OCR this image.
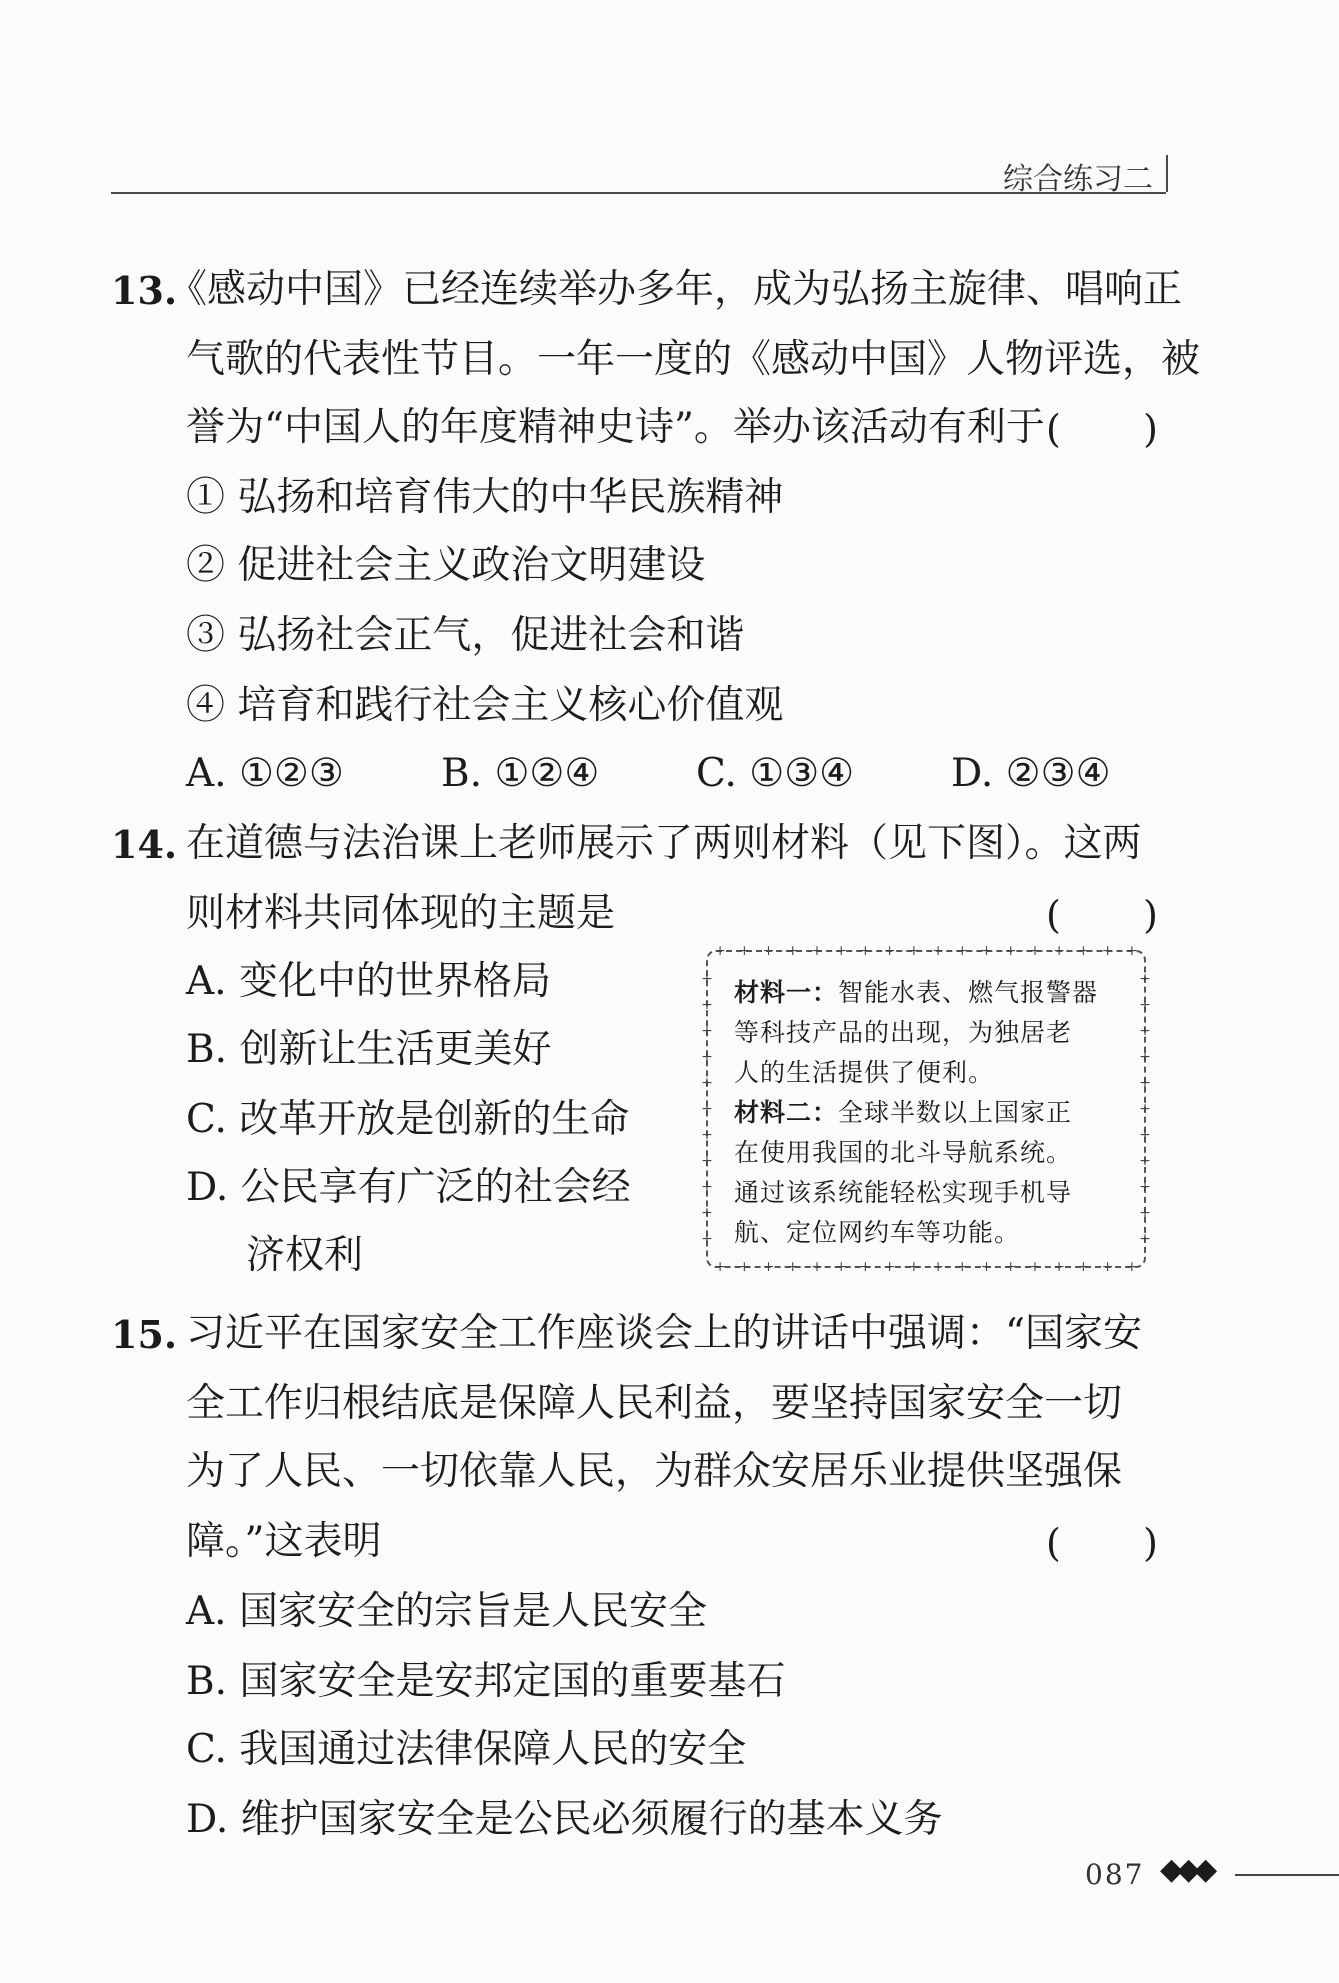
综合练习二
13.
《感动中国》已经连续举办多年，成为弘扬主旋律、唱响正
气歌的代表性节目。一年一度的《感动中国》人物评选，被
誉为“中国人的年度精神史诗”。举办该活动有利于 ( )
① 弘扬和培育伟大的中华民族精神
② 促进社会主义政治文明建设
③ 弘扬社会正气，促进社会和谐
④ 培育和践行社会主义核心价值观
A. ①②③ B. ①②④ C. ①③④ D. ②③④
14. 在道德与法治课上老师展示了两则材料（见下图）。这两
则材料共同体现的主题是	( )
A. 变化中的世界格局
B. 创新让生活更美好
C. 改革开放是创新的生命
D. 公民享有广泛的社会经
济权利
+ + + + + + + + + + + + + + + + + +
+ + + + + + + + + + + + + + + + + +
+
+
+
+
+
+
+
+
+
+
+
+
+
+
+
+
+
+
+
+
+
+
材料一：智能水表、燃气报警器
等科技产品的出现，为独居老
人的生活提供了便利。
材料二：全球半数以上国家正
在使用我国的北斗导航系统。
通过该系统能轻松实现手机导
航、定位网约车等功能。
15. 习近平在国家安全工作座谈会上的讲话中强调：“国家安
全工作归根结底是保障人民利益，要坚持国家安全一切
为了人民、一切依靠人民，为群众安居乐业提供坚强保
障。”这表明	( )
A. 国家安全的宗旨是人民安全
B. 国家安全是安邦定国的重要基石
C. 我国通过法律保障人民的安全
D. 维护国家安全是公民必须履行的基本义务
087 ◆◆◆
